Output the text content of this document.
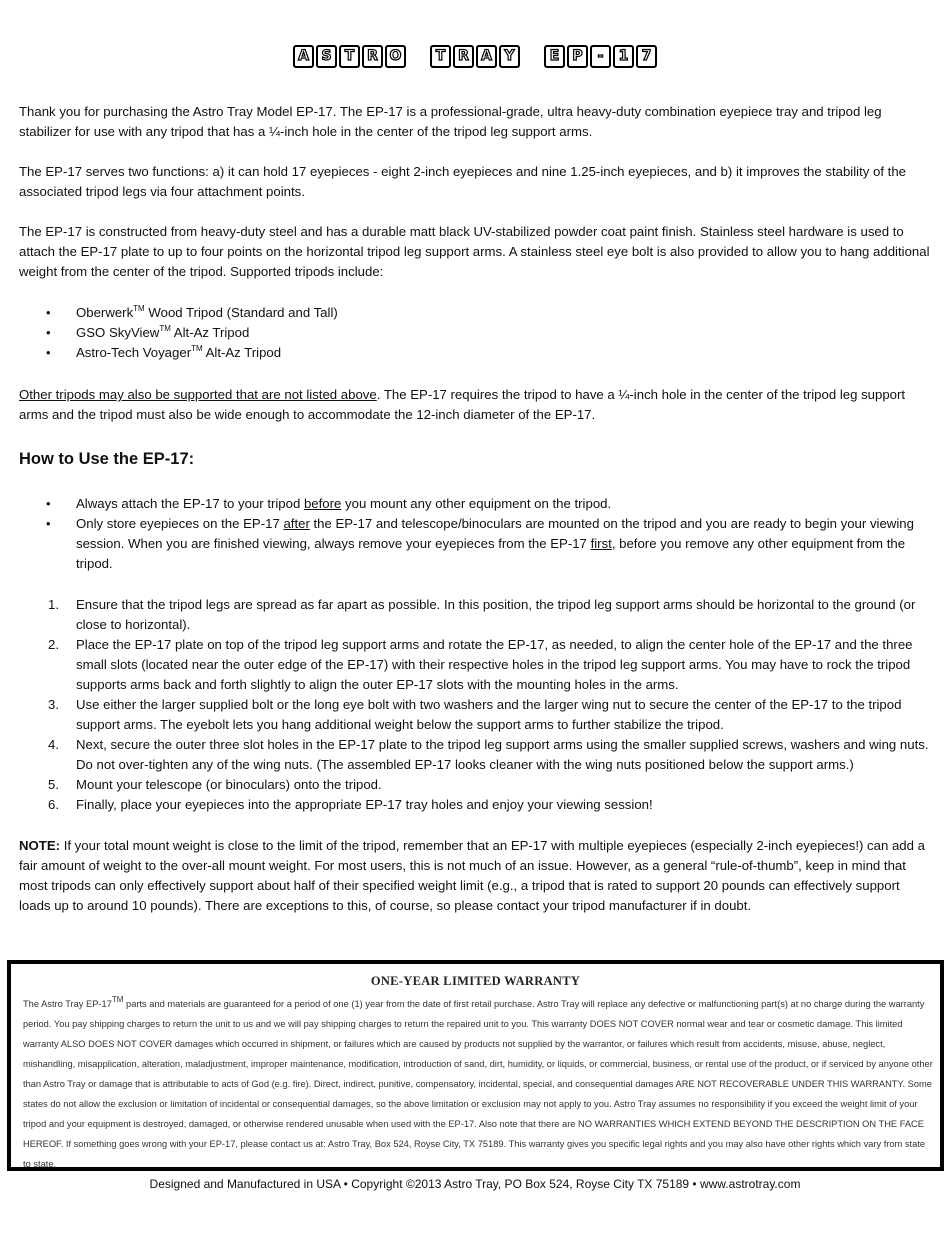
A S T R O T R A Y	E P - 1 7

Thank you for purchasing the Astro Tray Model EP-17. The EP-17 is a professional-grade, ultra heavy-duty combination eyepiece tray and tripod leg stabilizer for use with any tripod that has a ¼-inch hole in the center of the tripod leg support arms.

The EP-17 serves two functions: a) it can hold 17 eyepieces - eight 2-inch eyepieces and nine 1.25-inch eyepieces, and b) it improves the stability of the associated tripod legs via four attachment points.

The EP-17 is constructed from heavy-duty steel and has a durable matt black UV-stabilized powder coat paint finish. Stainless steel hardware is used to attach the EP-17 plate to up to four points on the horizontal tripod leg support arms. A stainless steel eye bolt is also provided to allow you to hang additional weight from the center of the tripod. Supported tripods include:

• Oberwerk™ Wood Tripod (Standard and Tall)
• GSO SkyView™ Alt-Az Tripod
• Astro-Tech Voyager™ Alt-Az Tripod

Other tripods may also be supported that are not listed above. The EP-17 requires the tripod to have a ¼-inch hole in the center of the tripod leg support arms and the tripod must also be wide enough to accommodate the 12-inch diameter of the EP-17.

How to Use the EP-17:
• Always attach the EP-17 to your tripod before you mount any other equipment on the tripod.
• Only store eyepieces on the EP-17 after the EP-17 and telescope/binoculars are mounted on the tripod and you are ready to begin your viewing session. When you are finished viewing, always remove your eyepieces from the EP-17 first, before you remove any other equipment from the tripod.
1. Ensure that the tripod legs are spread as far apart as possible. In this position, the tripod leg support arms should be horizontal to the ground (or close to horizontal).
2. Place the EP-17 plate on top of the tripod leg support arms and rotate the EP-17, as needed, to align the center hole of the EP-17 and the three small slots (located near the outer edge of the EP-17) with their respective holes in the tripod leg support arms. You may have to rock the tripod supports arms back and forth slightly to align the outer EP-17 slots with the mounting holes in the arms.
3. Use either the larger supplied bolt or the long eye bolt with two washers and the larger wing nut to secure the center of the EP-17 to the tripod support arms. The eyebolt lets you hang additional weight below the support arms to further stabilize the tripod.
4. Next, secure the outer three slot holes in the EP-17 plate to the tripod leg support arms using the smaller supplied screws, washers and wing nuts. Do not over-tighten any of the wing nuts. (The assembled EP-17 looks cleaner with the wing nuts positioned below the support arms.)
5. Mount your telescope (or binoculars) onto the tripod.
6. Finally, place your eyepieces into the appropriate EP-17 tray holes and enjoy your viewing session!

NOTE: If your total mount weight is close to the limit of the tripod, remember that an EP-17 with multiple eyepieces (especially 2-inch eyepieces!) can add a fair amount of weight to the over-all mount weight. For most users, this is not much of an issue. However, as a general “rule-of-thumb”, keep in mind that most tripods can only effectively support about half of their specified weight limit (e.g., a tripod that is rated to support 20 pounds can effectively support loads up to around 10 pounds). There are exceptions to this, of course, so please contact your tripod manufacturer if in doubt.

ONE-YEAR LIMITED WARRANTY
The Astro Tray EP-17™ parts and materials are guaranteed for a period of one (1) year from the date of first retail purchase. Astro Tray will replace any defective or malfunctioning part(s) at no charge during the warranty period. You pay shipping charges to return the unit to us and we will pay shipping charges to return the repaired unit to you. This warranty DOES NOT COVER normal wear and tear or cosmetic damage. This limited warranty ALSO DOES NOT COVER damages which occurred in shipment, or failures which are caused by products not supplied by the warrantor, or failures which result from accidents, misuse, abuse, neglect, mishandling, misapplication, alteration, maladjustment, improper maintenance, modification, introduction of sand, dirt, humidity, or liquids, or commercial, business, or rental use of the product, or if serviced by anyone other than Astro Tray or damage that is attributable to acts of God (e.g. fire). Direct, indirect, punitive, compensatory, incidental, special, and consequential damages ARE NOT RECOVERABLE UNDER THIS WARRANTY. Some states do not allow the exclusion or limitation of incidental or consequential damages, so the above limitation or exclusion may not apply to you. Astro Tray assumes no responsibility if you exceed the weight limit of your tripod and your equipment is destroyed, damaged, or otherwise rendered unusable when used with the EP-17. Also note that there are NO WARRANTIES WHICH EXTEND BEYOND THE DESCRIPTION ON THE FACE HEREOF. If something goes wrong with your EP-17, please contact us at: Astro Tray, Box 524, Royse City, TX 75189. This warranty gives you specific legal rights and you may also have other rights which vary from state to state.
Designed and Manufactured in USA • Copyright ©2013 Astro Tray, PO Box 524, Royse City TX 75189 • www.astrotray.com
